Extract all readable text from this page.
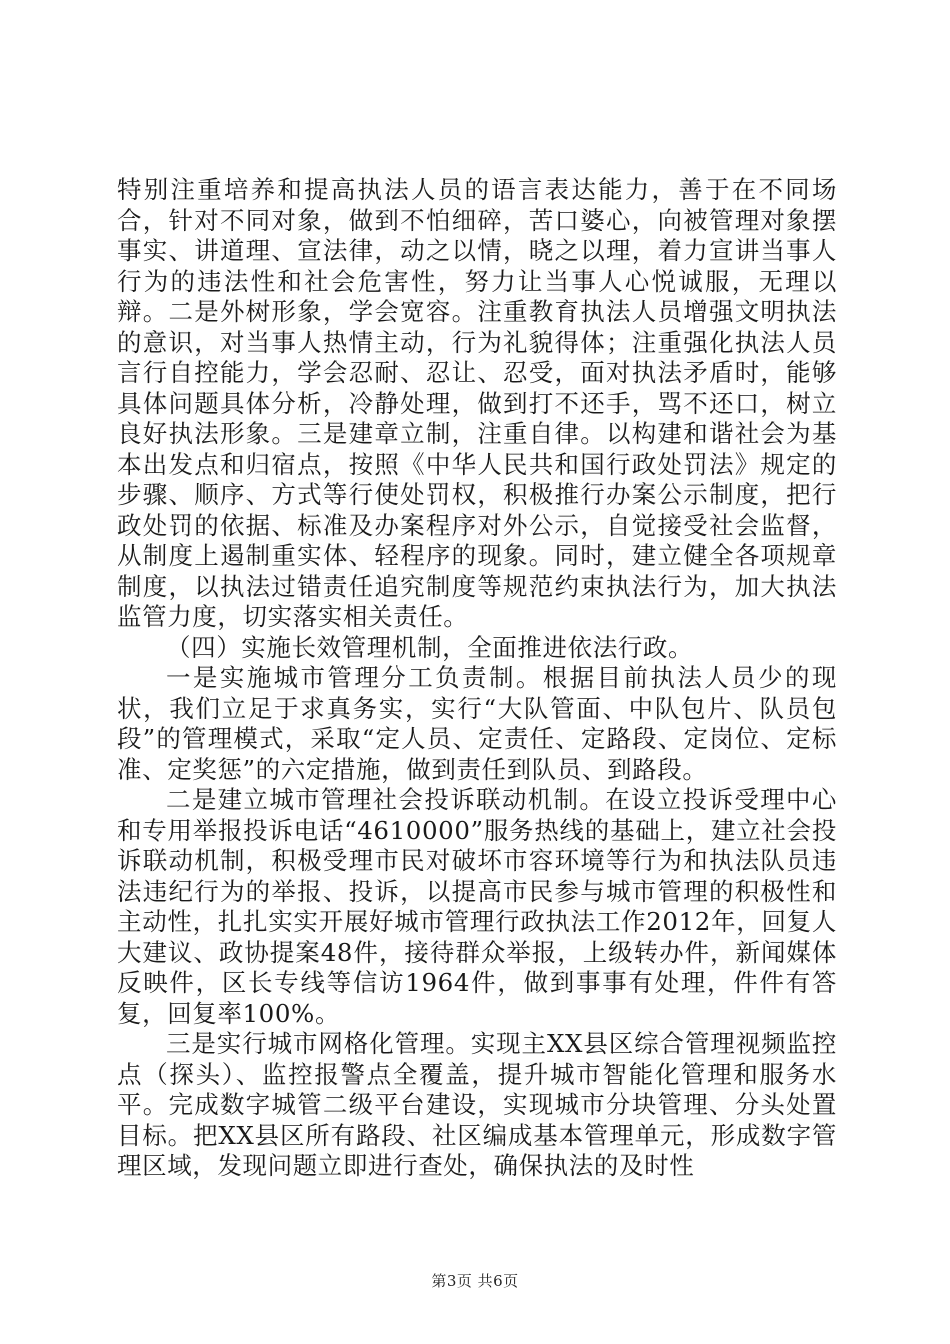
特别注重培养和提高执法人员的语言表达能力，善于在不同场合，针对不同对象，做到不怕细碎，苦口婆心，向被管理对象摆事实、讲道理、宣法律，动之以情，晓之以理，着力宣讲当事人行为的违法性和社会危害性，努力让当事人心悦诚服，无理以辩。二是外树形象，学会宽容。注重教育执法人员增强文明执法的意识，对当事人热情主动，行为礼貌得体；注重强化执法人员言行自控能力，学会忍耐、忍让、忍受，面对执法矛盾时，能够具体问题具体分析，冷静处理，做到打不还手，骂不还口，树立良好执法形象。三是建章立制，注重自律。以构建和谐社会为基本出发点和归宿点，按照《中华人民共和国行政处罚法》规定的步骤、顺序、方式等行使处罚权，积极推行办案公示制度，把行政处罚的依据、标准及办案程序对外公示，自觉接受社会监督，从制度上遏制重实体、轻程序的现象。同时，建立健全各项规章制度，以执法过错责任追究制度等规范约束执法行为，加大执法监管力度，切实落实相关责任。

（四）实施长效管理机制，全面推进依法行政。

一是实施城市管理分工负责制。根据目前执法人员少的现状，我们立足于求真务实，实行“大队管面、中队包片、队员包段”的管理模式，采取“定人员、定责任、定路段、定岗位、定标准、定奖惩”的六定措施，做到责任到队员、到路段。

二是建立城市管理社会投诉联动机制。在设立投诉受理中心和专用举报投诉电话“4610000”服务热线的基础上，建立社会投诉联动机制，积极受理市民对破坏市容环境等行为和执法队员违法违纪行为的举报、投诉，以提高市民参与城市管理的积极性和主动性，扎扎实实开展好城市管理行政执法工作2012年，回复人大建议、政协提案48件，接待群众举报，上级转办件，新闻媒体反映件，区长专线等信访1964件，做到事事有处理，件件有答复，回复率100%。

三是实行城市网格化管理。实现主XX县区综合管理视频监控点（探头）、监控报警点全覆盖，提升城市智能化管理和服务水平。完成数字城管二级平台建设，实现城市分块管理、分头处置目标。把XX县区所有路段、社区编成基本管理单元，形成数字管理区域，发现问题立即进行查处，确保执法的及时性

第3页 共6页
